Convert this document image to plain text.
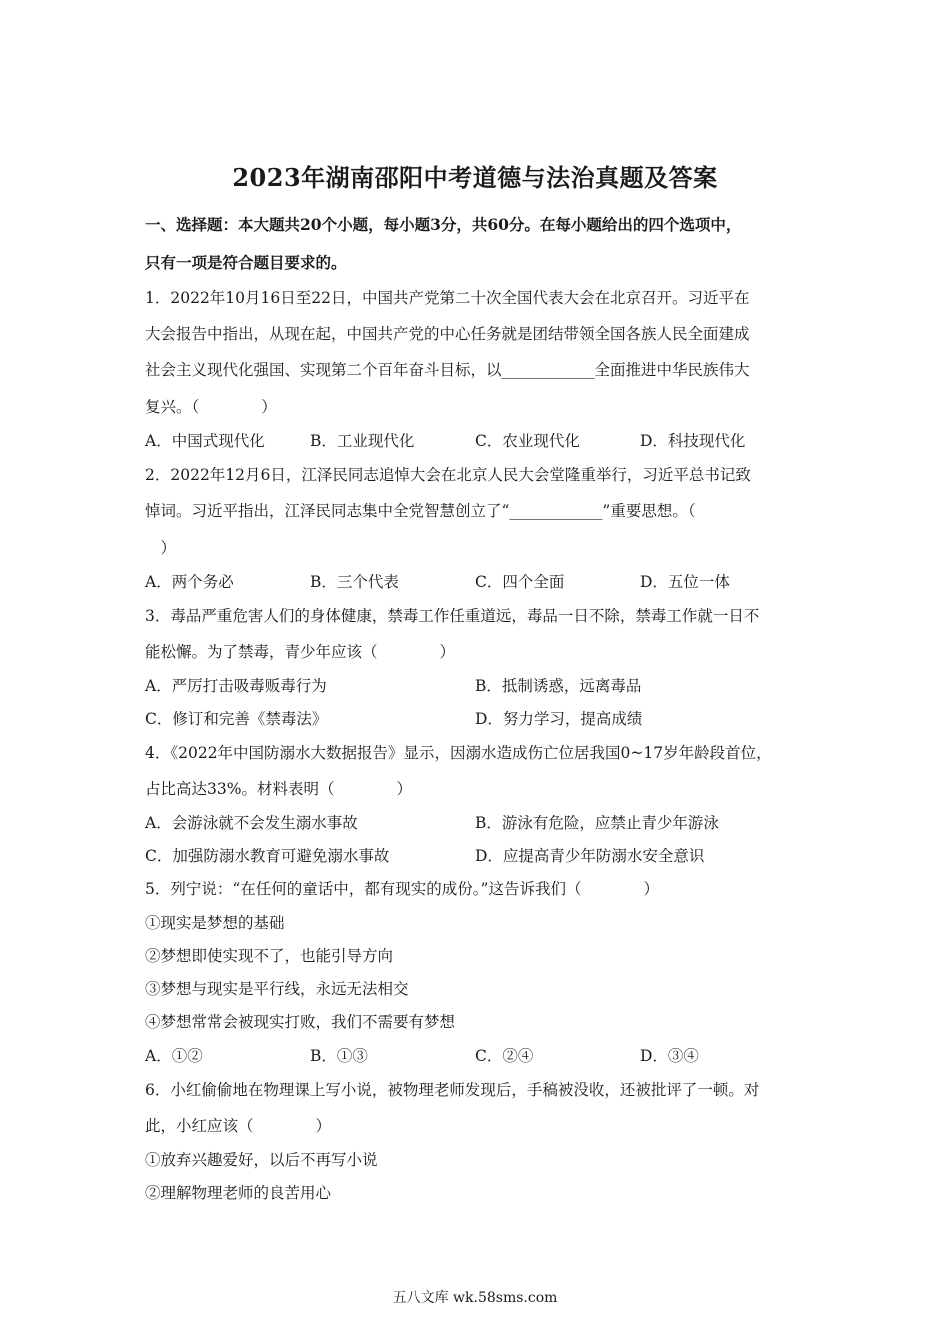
2023年湖南邵阳中考道德与法治真题及答案
一、选择题：本大题共20个小题，每小题3分，共60分。在每小题给出的四个选项中，
只有一项是符合题目要求的。
1．2022年10月16日至22日，中国共产党第二十次全国代表大会在北京召开。习近平在
大会报告中指出，从现在起，中国共产党的中心任务就是团结带领全国各族人民全面建成
社会主义现代化强国、实现第二个百年奋斗目标，以____________全面推进中华民族伟大
复兴。（　　　　）
A．中国式现代化	B．工业现代化	C．农业现代化	D．科技现代化
2．2022年12月6日，江泽民同志追悼大会在北京人民大会堂隆重举行，习近平总书记致
悼词。习近平指出，江泽民同志集中全党智慧创立了“____________”重要思想。（
　）
A．两个务必	B．三个代表	C．四个全面	D．五位一体
3．毒品严重危害人们的身体健康，禁毒工作任重道远，毒品一日不除，禁毒工作就一日不
能松懈。为了禁毒，青少年应该（　　　　）
A．严厉打击吸毒贩毒行为	B．抵制诱惑，远离毒品
C．修订和完善《禁毒法》	D．努力学习，提高成绩
4．《2022年中国防溺水大数据报告》显示，因溺水造成伤亡位居我国0~17岁年龄段首位，
占比高达33%。材料表明（　　　　）
A．会游泳就不会发生溺水事故	B．游泳有危险，应禁止青少年游泳
C．加强防溺水教育可避免溺水事故	D．应提高青少年防溺水安全意识
5．列宁说：“在任何的童话中，都有现实的成份。”这告诉我们（　　　　）
①现实是梦想的基础
②梦想即使实现不了，也能引导方向
③梦想与现实是平行线，永远无法相交
④梦想常常会被现实打败，我们不需要有梦想
A．①②	B．①③	C．②④	D．③④
6．小红偷偷地在物理课上写小说，被物理老师发现后，手稿被没收，还被批评了一顿。对
此，小红应该（　　　　）
①放弃兴趣爱好，以后不再写小说
②理解物理老师的良苦用心
五八文库 wk.58sms.com
